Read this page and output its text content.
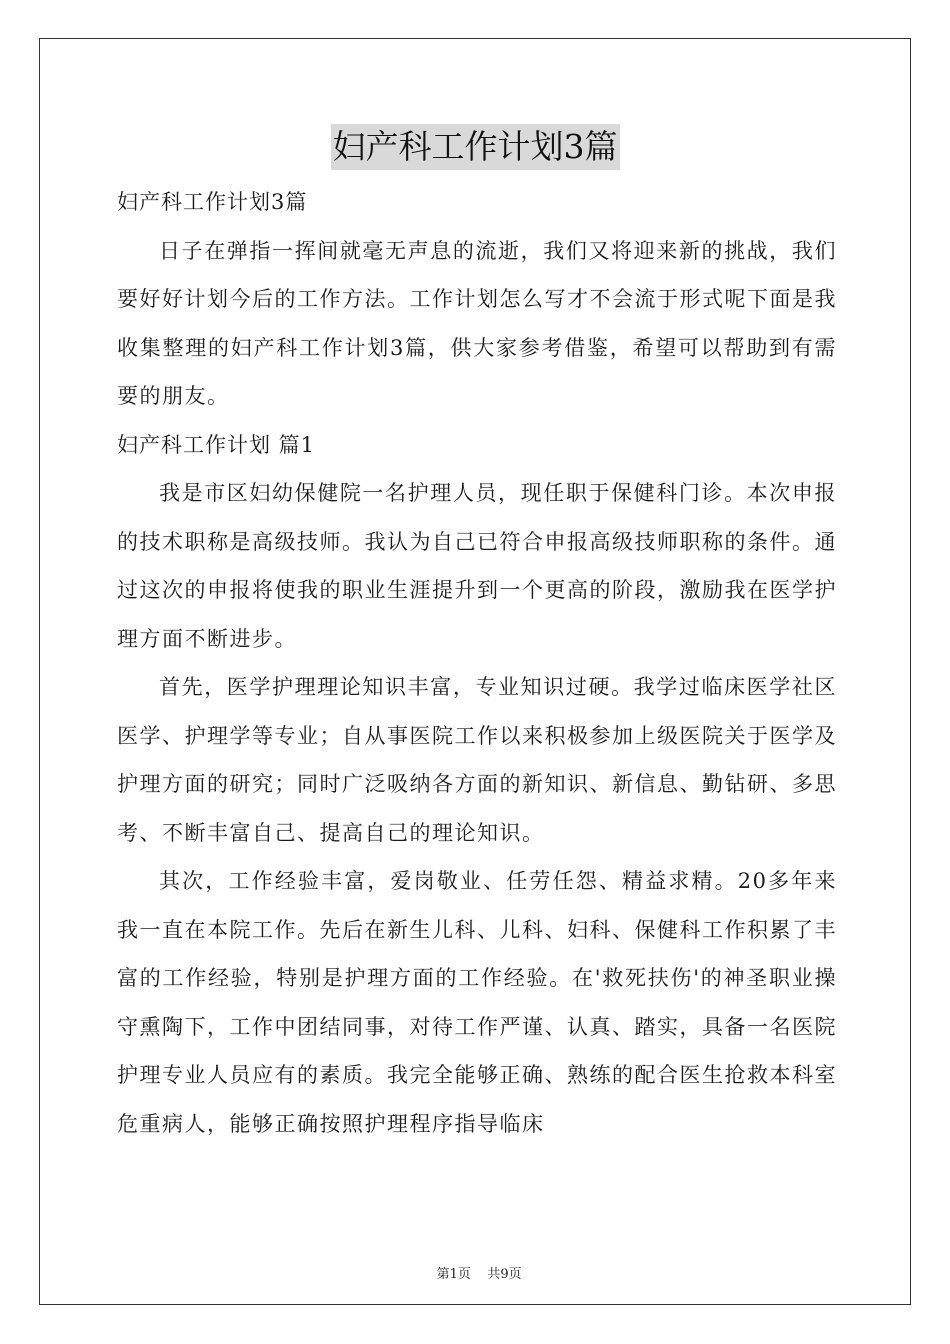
妇产科工作计划3篇

妇产科工作计划3篇

日子在弹指一挥间就毫无声息的流逝，我们又将迎来新的挑战，我们要好好计划今后的工作方法。工作计划怎么写才不会流于形式呢下面是我收集整理的妇产科工作计划3篇，供大家参考借鉴，希望可以帮助到有需要的朋友。

妇产科工作计划 篇1

我是市区妇幼保健院一名护理人员，现任职于保健科门诊。本次申报的技术职称是高级技师。我认为自己已符合申报高级技师职称的条件。通过这次的申报将使我的职业生涯提升到一个更高的阶段，激励我在医学护理方面不断进步。

首先，医学护理理论知识丰富，专业知识过硬。我学过临床医学社区医学、护理学等专业；自从事医院工作以来积极参加上级医院关于医学及护理方面的研究；同时广泛吸纳各方面的新知识、新信息、勤钻研、多思考、不断丰富自己、提高自己的理论知识。

其次，工作经验丰富，爱岗敬业、任劳任怨、精益求精。20多年来我一直在本院工作。先后在新生儿科、儿科、妇科、保健科工作积累了丰富的工作经验，特别是护理方面的工作经验。在'救死扶伤'的神圣职业操守熏陶下，工作中团结同事，对待工作严谨、认真、踏实，具备一名医院护理专业人员应有的素质。我完全能够正确、熟练的配合医生抢救本科室危重病人，能够正确按照护理程序指导临床

第1页    共9页
